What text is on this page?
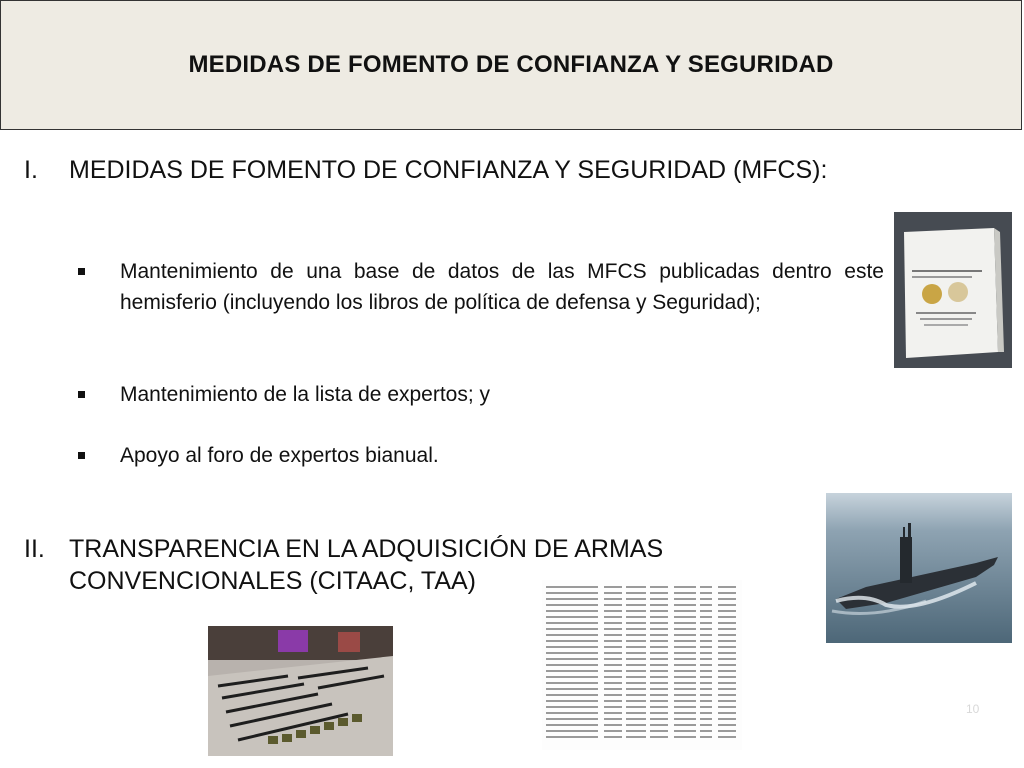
MEDIDAS DE FOMENTO DE CONFIANZA Y SEGURIDAD
I. MEDIDAS DE FOMENTO DE CONFIANZA Y SEGURIDAD (MFCS):
Mantenimiento de una base de datos de las MFCS publicadas dentro este hemisferio (incluyendo los libros de política de defensa y Seguridad);
Mantenimiento de la lista de expertos; y
Apoyo al foro de expertos bianual.
II. TRANSPARENCIA EN LA ADQUISICIÓN DE ARMAS CONVENCIONALES (CITAAC, TAA)
10
